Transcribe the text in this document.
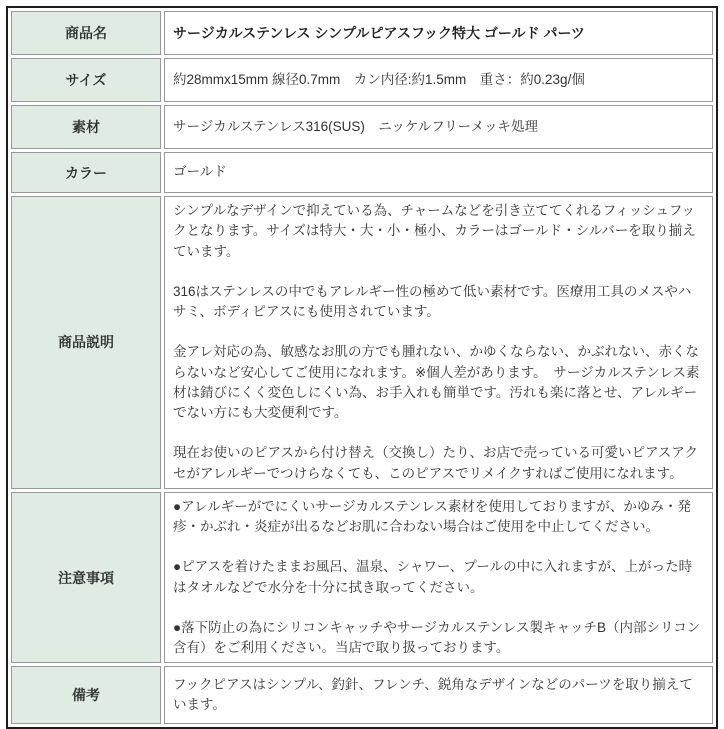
商品名	サージカルステンレス シンプルピアスフック特大 ゴールド パーツ
サイズ	約28mmx15mm 線径0.7mm　カン内径:約1.5mm　重さ：約0.23g/個
素材	サージカルステンレス316(SUS)　ニッケルフリーメッキ処理
カラー	ゴールド
商品説明	シンプルなデザインで抑えている為、チャームなどを引き立ててくれるフィッシュフックとなります。サイズは特大・大・小・極小、カラーはゴールド・シルバーを取り揃えています。

316はステンレスの中でもアレルギー性の極めて低い素材です。医療用工具のメスやハサミ、ボディピアスにも使用されています。

金アレ対応の為、敏感なお肌の方でも腫れない、かゆくならない、かぶれない、赤くならないなど安心してご使用になれます。※個人差があります。　サージカルステンレス素材は錆びにくく変色しにくい為、お手入れも簡単です。汚れも楽に落とせ、アレルギーでない方にも大変便利です。

現在お使いのピアスから付け替え（交換し）たり、お店で売っている可愛いピアスアクセがアレルギーでつけらなくても、このピアスでリメイクすればご使用になれます。

注意事項	●アレルギーがでにくいサージカルステンレス素材を使用しておりますが、かゆみ・発疹・かぶれ・炎症が出るなどお肌に合わない場合はご使用を中止してください。

●ピアスを着けたままお風呂、温泉、シャワー、プールの中に入れますが、上がった時はタオルなどで水分を十分に拭き取ってください。

●落下防止の為にシリコンキャッチやサージカルステンレス製キャッチB（内部シリコン含有）をご利用ください。当店で取り扱っております。

備考	フックピアスはシンプル、釣針、フレンチ、鋭角なデザインなどのパーツを取り揃えています。
